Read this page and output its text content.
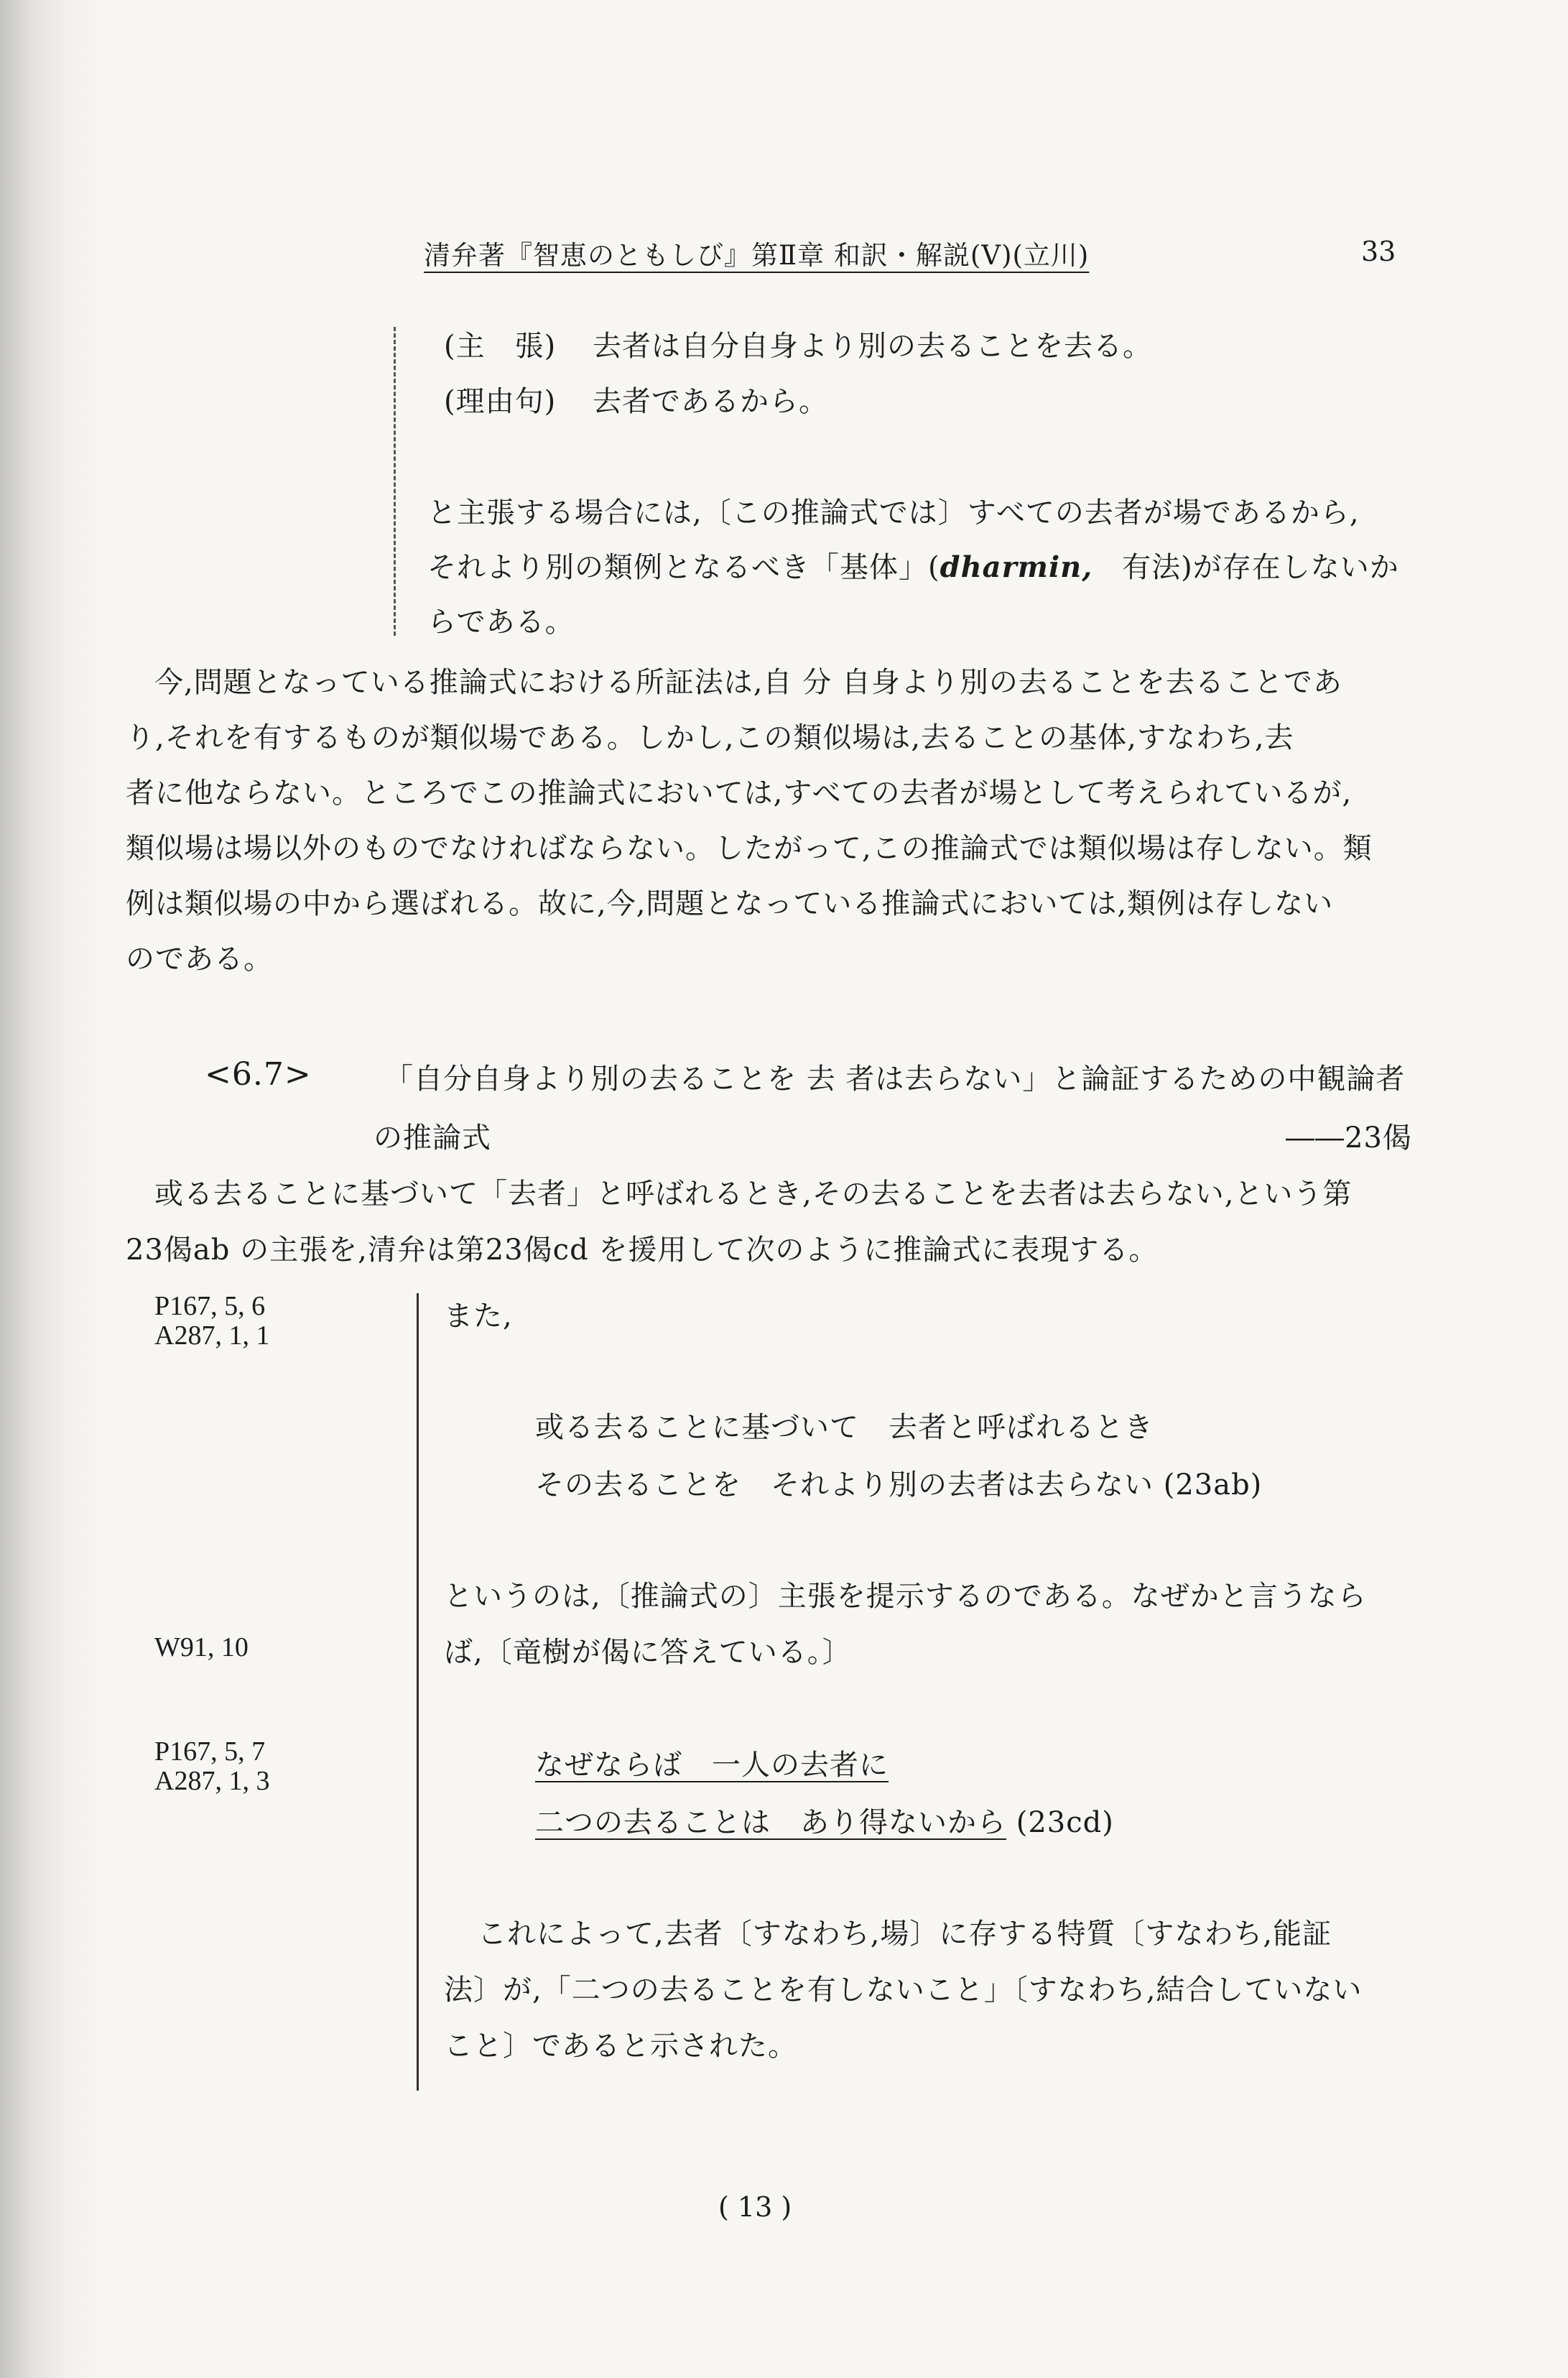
清弁著『智恵のともしび』第Ⅱ章 和訳・解説(Ⅴ)(立川)	33
(主　張) 去者は自分自身より別の去ることを去る。
(理由句) 去者であるから。
と主張する場合には,〔この推論式では〕すべての去者が場であるから,
それより別の類例となるべき「基体」(dharmin,　有法)が存在しないか
らである。
今,問題となっている推論式における所証法は,自 分 自身より別の去ることを去ることであ
り,それを有するものが類似場である。しかし,この類似場は,去ることの基体,すなわち,去
者に他ならない。ところでこの推論式においては,すべての去者が場として考えられているが,
類似場は場以外のものでなければならない。したがって,この推論式では類似場は存しない。類
例は類似場の中から選ばれる。故に,今,問題となっている推論式においては,類例は存しない
のである。
<6.7>	「自分自身より別の去ることを 去 者は去らない」と論証するための中観論者
の推論式	――23偈
或る去ることに基づいて「去者」と呼ばれるとき,その去ることを去者は去らない,という第
23偈ab の主張を,清弁は第23偈cd を援用して次のように推論式に表現する。
P167, 5, 6
A287, 1, 1
W91, 10
P167, 5, 7
A287, 1, 3
また,
或る去ることに基づいて　去者と呼ばれるとき
その去ることを　それより別の去者は去らない (23ab)
というのは,〔推論式の〕主張を提示するのである。なぜかと言うなら
ば,〔竜樹が偈に答えている。〕
なぜならば　一人の去者に
二つの去ることは　あり得ないから (23cd)
これによって,去者〔すなわち,場〕に存する特質〔すなわち,能証
法〕が,「二つの去ることを有しないこと」〔すなわち,結合していない
こと〕であると示された。
( 13 )
